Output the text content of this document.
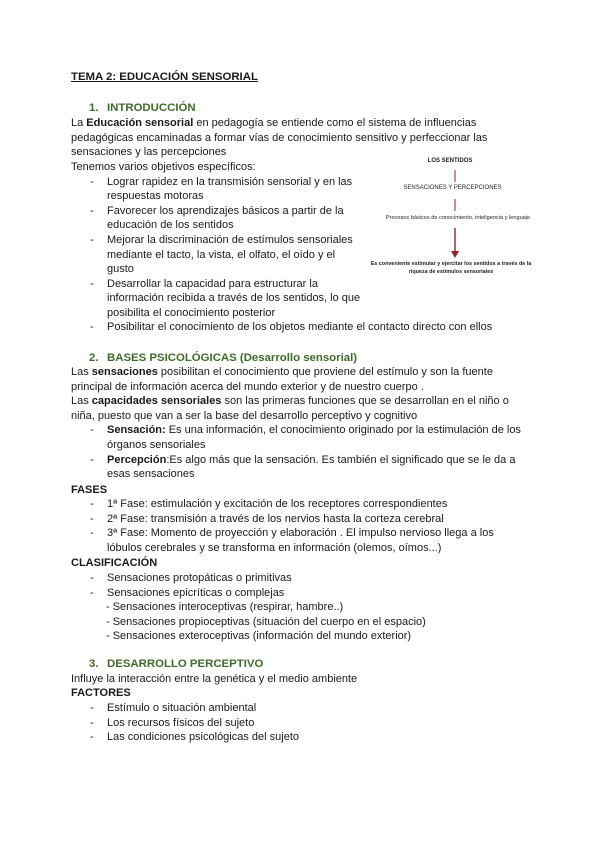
TEMA 2: EDUCACIÓN SENSORIAL

1. INTRODUCCIÓN

La Educación sensorial en pedagogía se entiende como el sistema de influencias pedagógicas encaminadas a formar vías de conocimiento sensitivo y perfeccionar las sensaciones y las percepciones

Tenemos varios objetivos específicos:

- Lograr rapidez en la transmisión sensorial y en las respuestas motoras
- Favorecer los aprendizajes básicos a partir de la educación de los sentidos
- Mejorar la discriminación de estímulos sensoriales mediante el tacto, la vista, el olfato, el oído y el gusto
- Desarrollar la capacidad para estructurar la información recibida a través de los sentidos, lo que posibilita el conocimiento posterior
- Posibilitar el conocimiento de los objetos mediante el contacto directo con ellos
LOS SENTIDOS
SENSACIONES Y PERCEPCIONES
Procesos básicos de conocimiento, inteligencia y lenguaje
Es conveniente estimular y ejercitar los sentidos a través de la
riqueza de estímulos sensoriales

2. BASES PSICOLÓGICAS (Desarrollo sensorial)

Las sensaciones posibilitan el conocimiento que proviene del estímulo y son la fuente principal de información acerca del mundo exterior y de nuestro cuerpo .

Las capacidades sensoriales son las primeras funciones que se desarrollan en el niño o niña, puesto que van a ser la base del desarrollo perceptivo y cognitivo

- Sensación: Es una información, el conocimiento originado por la estimulación de los órganos sensoriales
- Percepción:Es algo más que la sensación. Es también el significado que se le da a esas sensaciones

FASES

- 1ª Fase: estimulación y excitación de los receptores correspondientes
- 2ª Fase: transmisión a través de los nervios hasta la corteza cerebral
- 3ª Fase: Momento de proyección y elaboración . El impulso nervioso llega a los lóbulos cerebrales y se transforma en información (olemos, oímos...)

CLASIFICACIÓN

- Sensaciones protopáticas o primitivas
- Sensaciones epicríticas o complejas

- Sensaciones interoceptivas (respirar, hambre..)

- Sensaciones propioceptivas (situación del cuerpo en el espacio)

- Sensaciones exteroceptivas (información del mundo exterior)

3. DESARROLLO PERCEPTIVO

Influye la interacción entre la genética y el medio ambiente

FACTORES

- Estímulo o situación ambiental
- Los recursos físicos del sujeto
- Las condiciones psicológicas del sujeto
